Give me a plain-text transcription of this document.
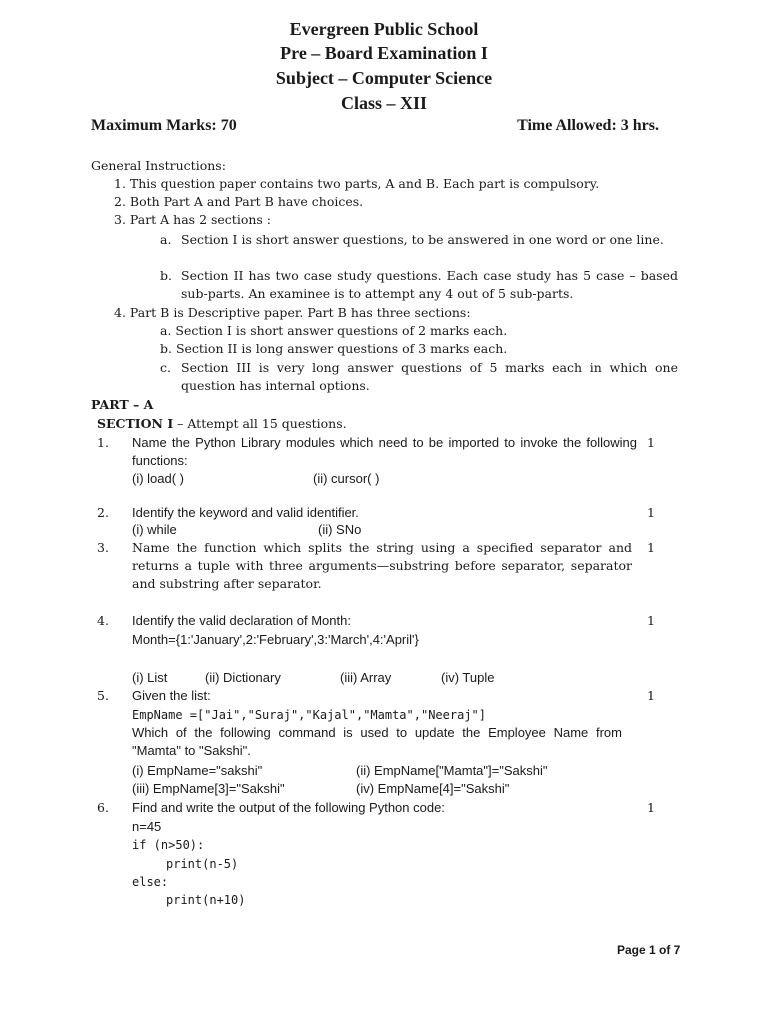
Evergreen Public School
Pre – Board Examination I
Subject – Computer Science
Class – XII
Maximum Marks: 70	Time Allowed: 3 hrs.
General Instructions:
1. This question paper contains two parts, A and B. Each part is compulsory.
2. Both Part A and Part B have choices.
3. Part A has 2 sections :
a. Section I is short answer questions, to be answered in one word or one line.
b. Section II has two case study questions. Each case study has 5 case – based sub-parts. An examinee is to attempt any 4 out of 5 sub-parts.
4. Part B is Descriptive paper. Part B has three sections:
a. Section I is short answer questions of 2 marks each.
b. Section II is long answer questions of 3 marks each.
c. Section III is very long answer questions of 5 marks each in which one question has internal options.
PART – A
SECTION I – Attempt all 15 questions.
1. Name the Python Library modules which need to be imported to invoke the following functions:
(i) load( )	(ii) cursor( )
1
2. Identify the keyword and valid identifier.
(i) while	(ii) SNo
1
3. Name the function which splits the string using a specified separator and returns a tuple with three arguments—substring before separator, separator and substring after separator.
1
4. Identify the valid declaration of Month:
Month={1:'January',2:'February',3:'March',4:'April'}
(i) List	(ii) Dictionary	(iii) Array	(iv) Tuple
1
5. Given the list:
EmpName =["Jai","Suraj","Kajal","Mamta","Neeraj"]
Which of the following command is used to update the Employee Name from "Mamta" to "Sakshi".
(i) EmpName="sakshi"	(ii) EmpName["Mamta"]="Sakshi"
(iii) EmpName[3]="Sakshi"	(iv) EmpName[4]="Sakshi"
1
6. Find and write the output of the following Python code:
n=45
if (n>50):
print(n-5)
else:
print(n+10)
1
Page 1 of 7
